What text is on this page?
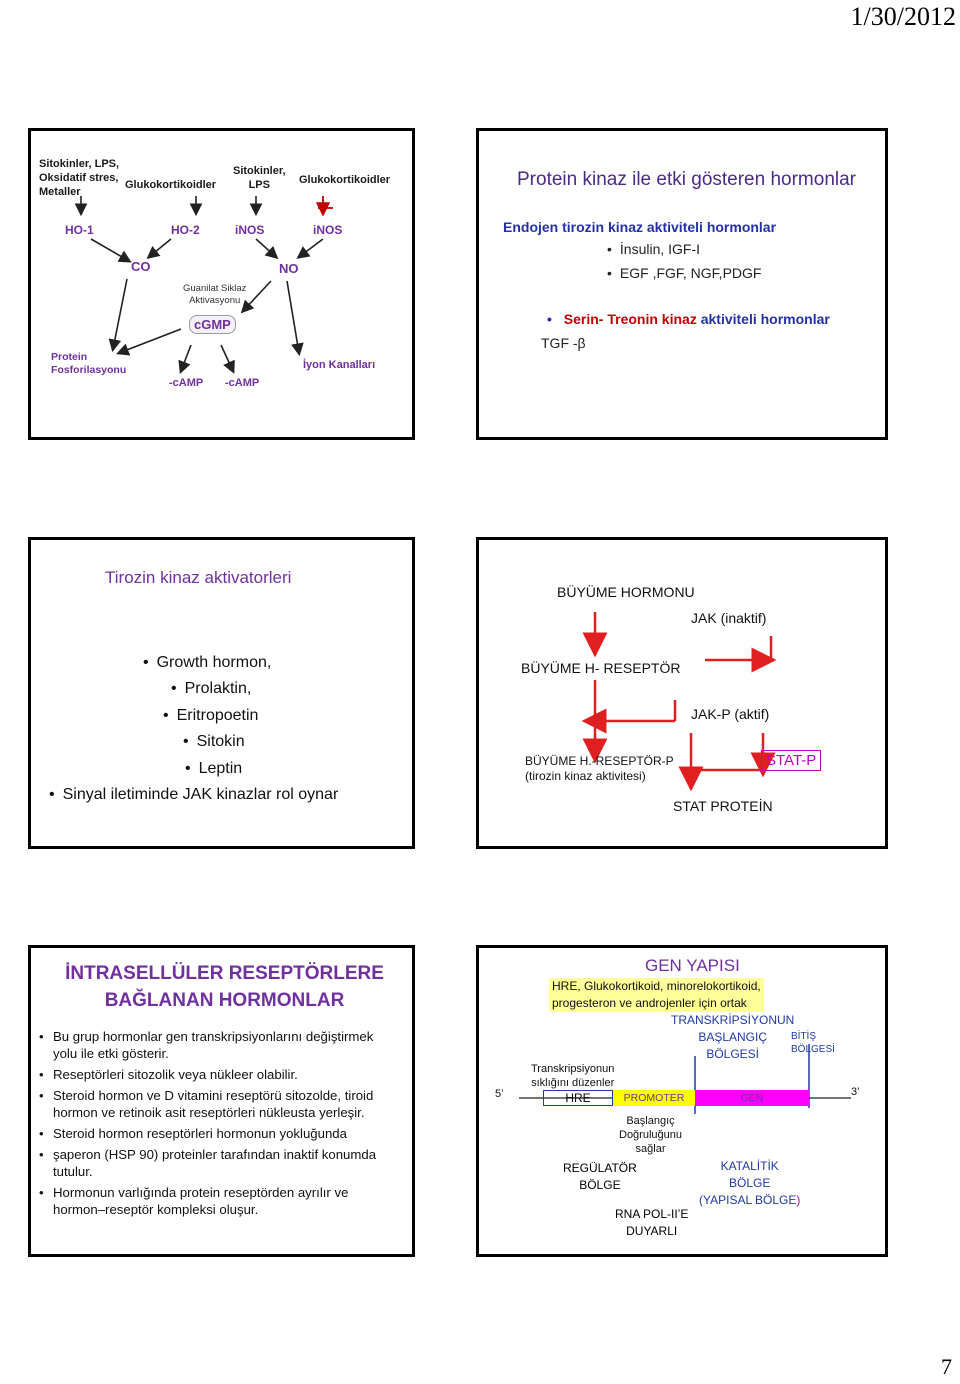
1/30/2012
Sitokinler, LPS,
Oksidatif stres,
Metaller
Glukokortikoidler
Sitokinler,
LPS	Glukokortikoidler
HO-1	HO-2	iNOS	iNOS
CO	NO
Guanilat Siklaz
Aktivasyonu
cGMP
Protein
Fosforilasyonu
-cAMP -cAMP
İyon Kanalları
Protein kinaz ile etki gösteren hormonlar
Endojen tirozin kinaz aktiviteli hormonlar
• İnsulin, IGF-I
• EGF ,FGF, NGF,PDGF
• Serin- Treonin kinaz aktiviteli hormonlar
TGF -β
Tirozin kinaz aktivatorleri
• Growth hormon,
• Prolaktin,
• Eritropoetin
• Sitokin
• Leptin
• Sinyal iletiminde JAK kinazlar rol oynar
BÜYÜME HORMONU
JAK (inaktif)
BÜYÜME H- RESEPTÖR
JAK-P (aktif)
BÜYÜME H.-RESEPTÖR-P
(tirozin kinaz aktivitesi)
STAT-P
STAT PROTEİN
İNTRASELLÜLER RESEPTÖRLERE
BAĞLANAN HORMONLAR
• Bu grup hormonlar gen transkripsiyonlarını değiştirmek yolu ile etki gösterir.
• Reseptörleri sitozolik veya nükleer olabilir.
• Steroid hormon ve D vitamini reseptörü sitozolde, tiroid hormon ve retinoik asit reseptörleri nükleusta yerleşir.
• Steroid hormon reseptörleri hormonun yokluğunda
• şaperon (HSP 90) proteinler tarafından inaktif konumda tutulur.
• Hormonun varlığında protein reseptörden ayrılır ve hormon–reseptör kompleksi oluşur.
GEN YAPISI
HRE, Glukokortikoid, minorelokortikoid,
progesteron ve androjenler için ortak
TRANSKRİPSİYONUN
BAŞLANGIÇ
BÖLGESİ
BİTİŞ
BÖLGESİ
5’	3’
Transkripsiyonun
sıklığını düzenler
HRE	PROMOTER	GEN
Başlangıç
Doğruluğunu
sağlar
REGÜLATÖR
BÖLGE
KATALİTİK
BÖLGE
(YAPISAL BÖLGE)
RNA POL-II’E
DUYARLI
7
